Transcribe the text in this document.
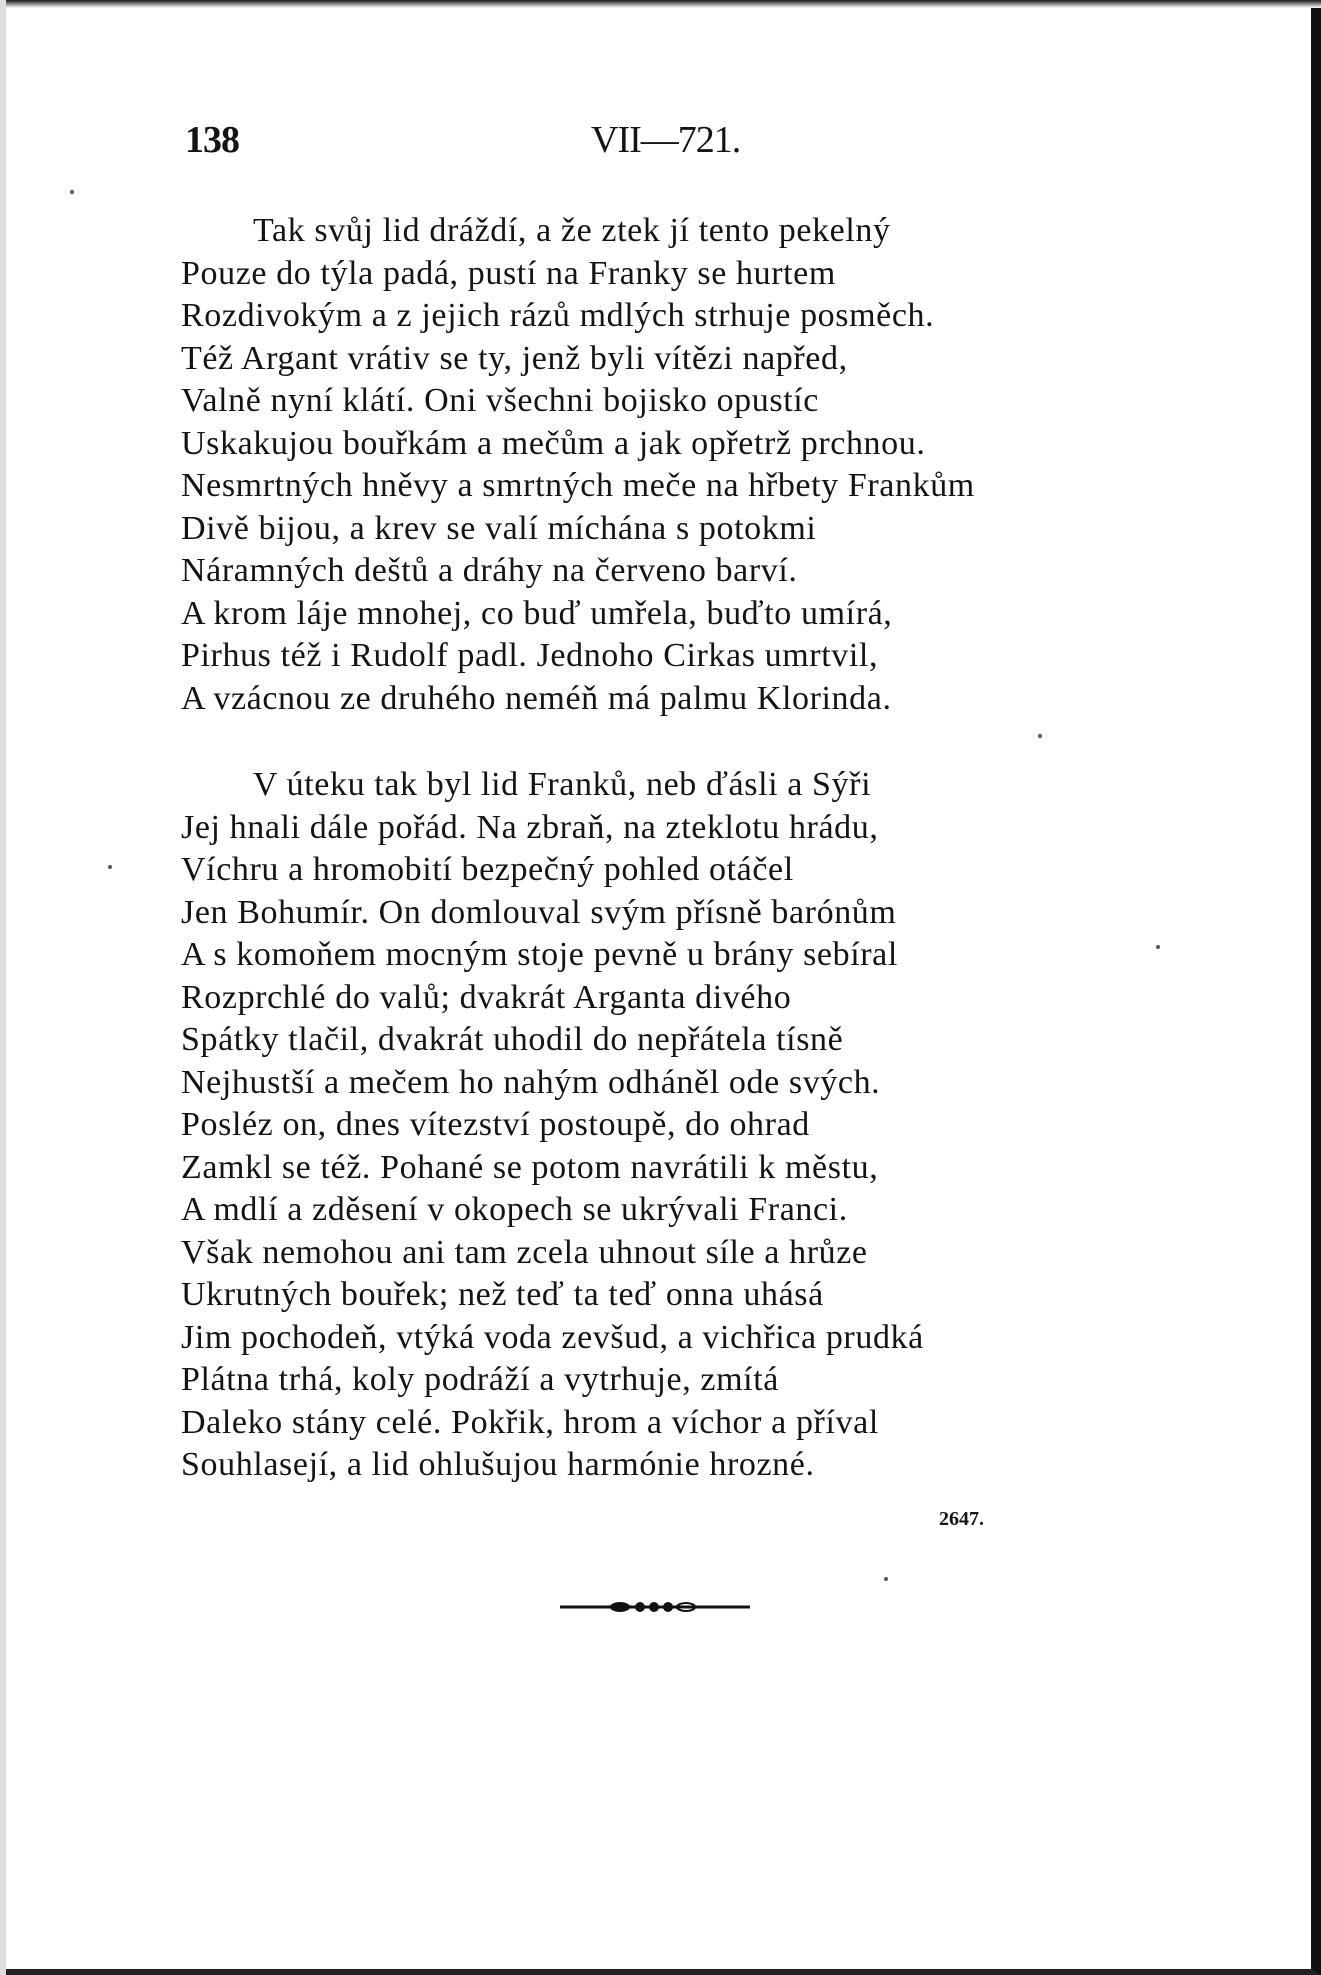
138	VII—721.
Tak svůj lid dráždí, a že ztek jí tento pekelný
Pouze do týla padá, pustí na Franky se hurtem
Rozdivokým a z jejich rázů mdlých strhuje posměch.
Též Argant vrátiv se ty, jenž byli vítězi napřed,
Valně nyní klátí. Oni všechni bojisko opustíc
Uskakujou bouřkám a mečům a jak opřetrž prchnou.
Nesmrtných hněvy a smrtných meče na hřbety Frankům
Divě bijou, a krev se valí míchána s potokmi
Náramných deštů a dráhy na červeno barví.
A krom láje mnohej, co buď umřela, buďto umírá,
Pirhus též i Rudolf padl. Jednoho Cirkas umrtvil,
A vzácnou ze druhého neméň má palmu Klorinda.
V úteku tak byl lid Franků, neb ďásli a Sýři
Jej hnali dále pořád. Na zbraň, na zteklotu hrádu,
Víchru a hromobití bezpečný pohled otáčel
Jen Bohumír. On domlouval svým přísně barónům
A s komoňem mocným stoje pevně u brány sebíral
Rozprchlé do valů; dvakrát Arganta divého
Spátky tlačil, dvakrát uhodil do nepřátela tísně
Nejhustší a mečem ho nahým odháněl ode svých.
Posléz on, dnes vítezství postoupě, do ohrad
Zamkl se též. Pohané se potom navrátili k městu,
A mdlí a zděsení v okopech se ukrývali Franci.
Však nemohou ani tam zcela uhnout síle a hrůze
Ukrutných bouřek; než teď ta teď onna uhásá
Jim pochodeň, vtýká voda zevšud, a vichřica prudká
Plátna trhá, koly podráží a vytrhuje, zmítá
Daleko stány celé. Pokřik, hrom a víchor a příval
Souhlasejí, a lid ohlušujou harmónie hrozné.
2647.
